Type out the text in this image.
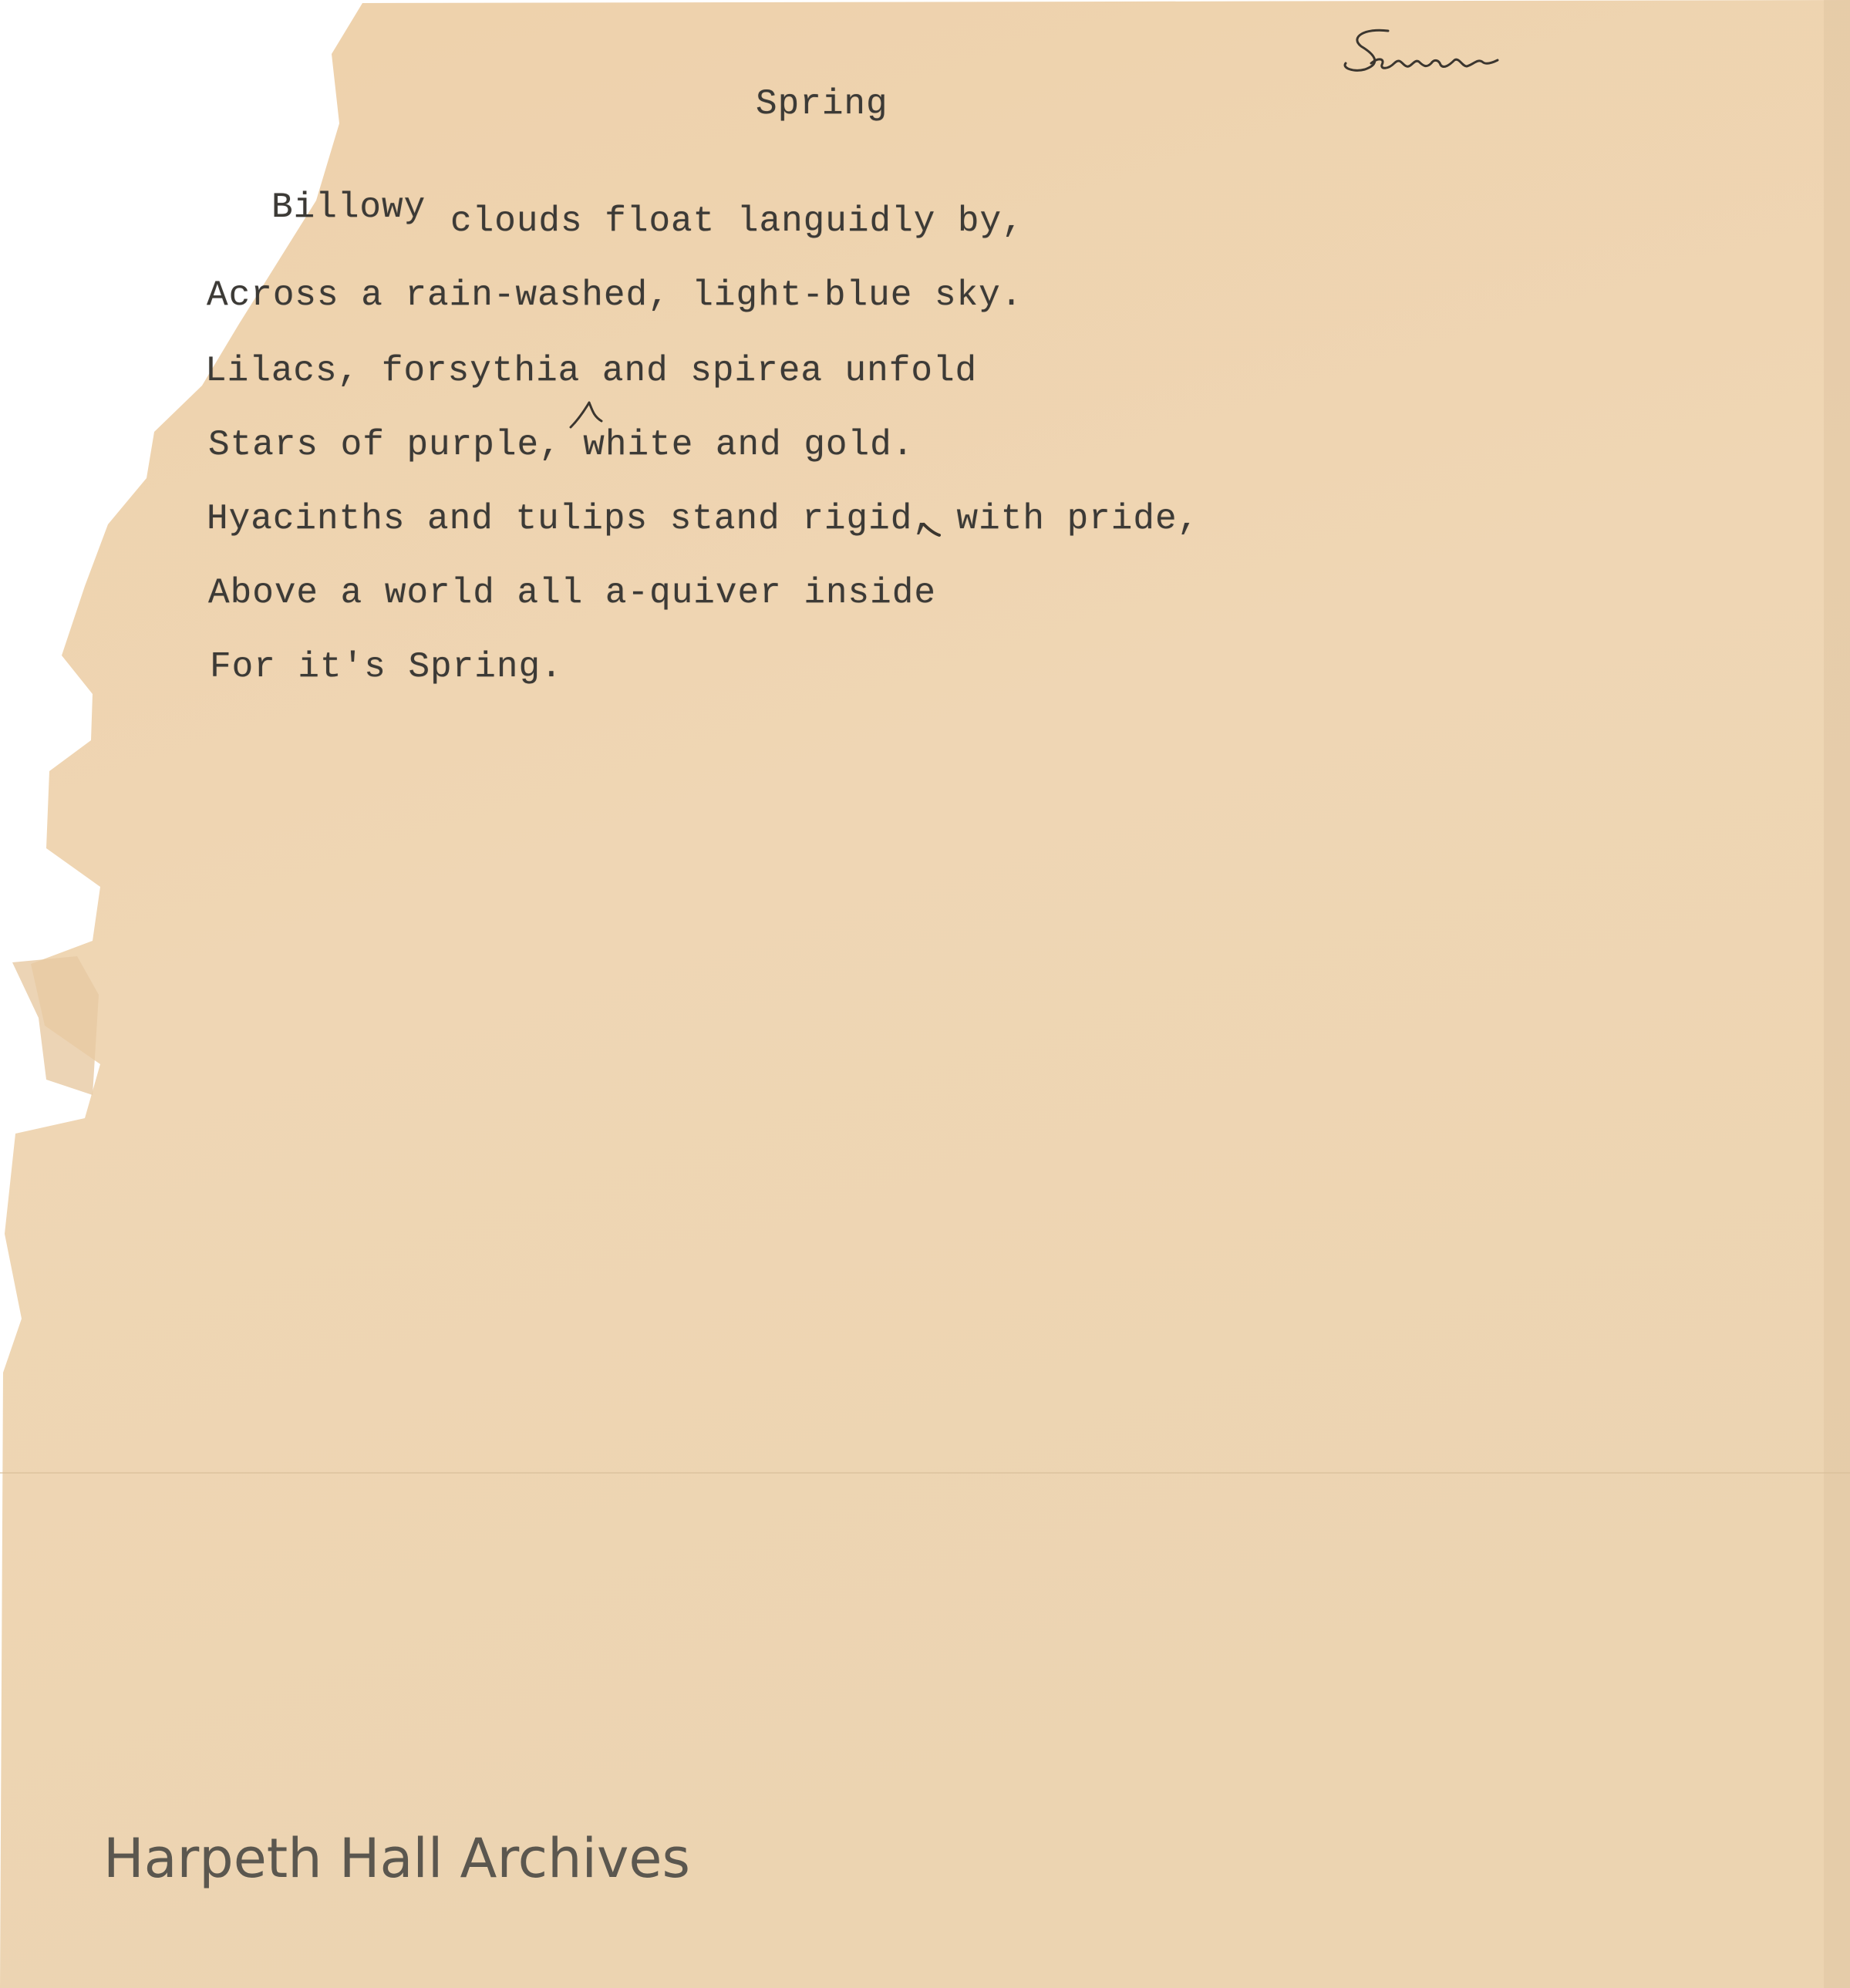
Spring
Billowy clouds float languidly by,
Across a rain-washed, light-blue sky.
Lilacs, forsythia and spirea unfold
Stars of purple, white and gold.
Hyacinths and tulips stand rigid, with pride,
Above a world all a-quiver inside
For it's Spring.
Harpeth Hall Archives
